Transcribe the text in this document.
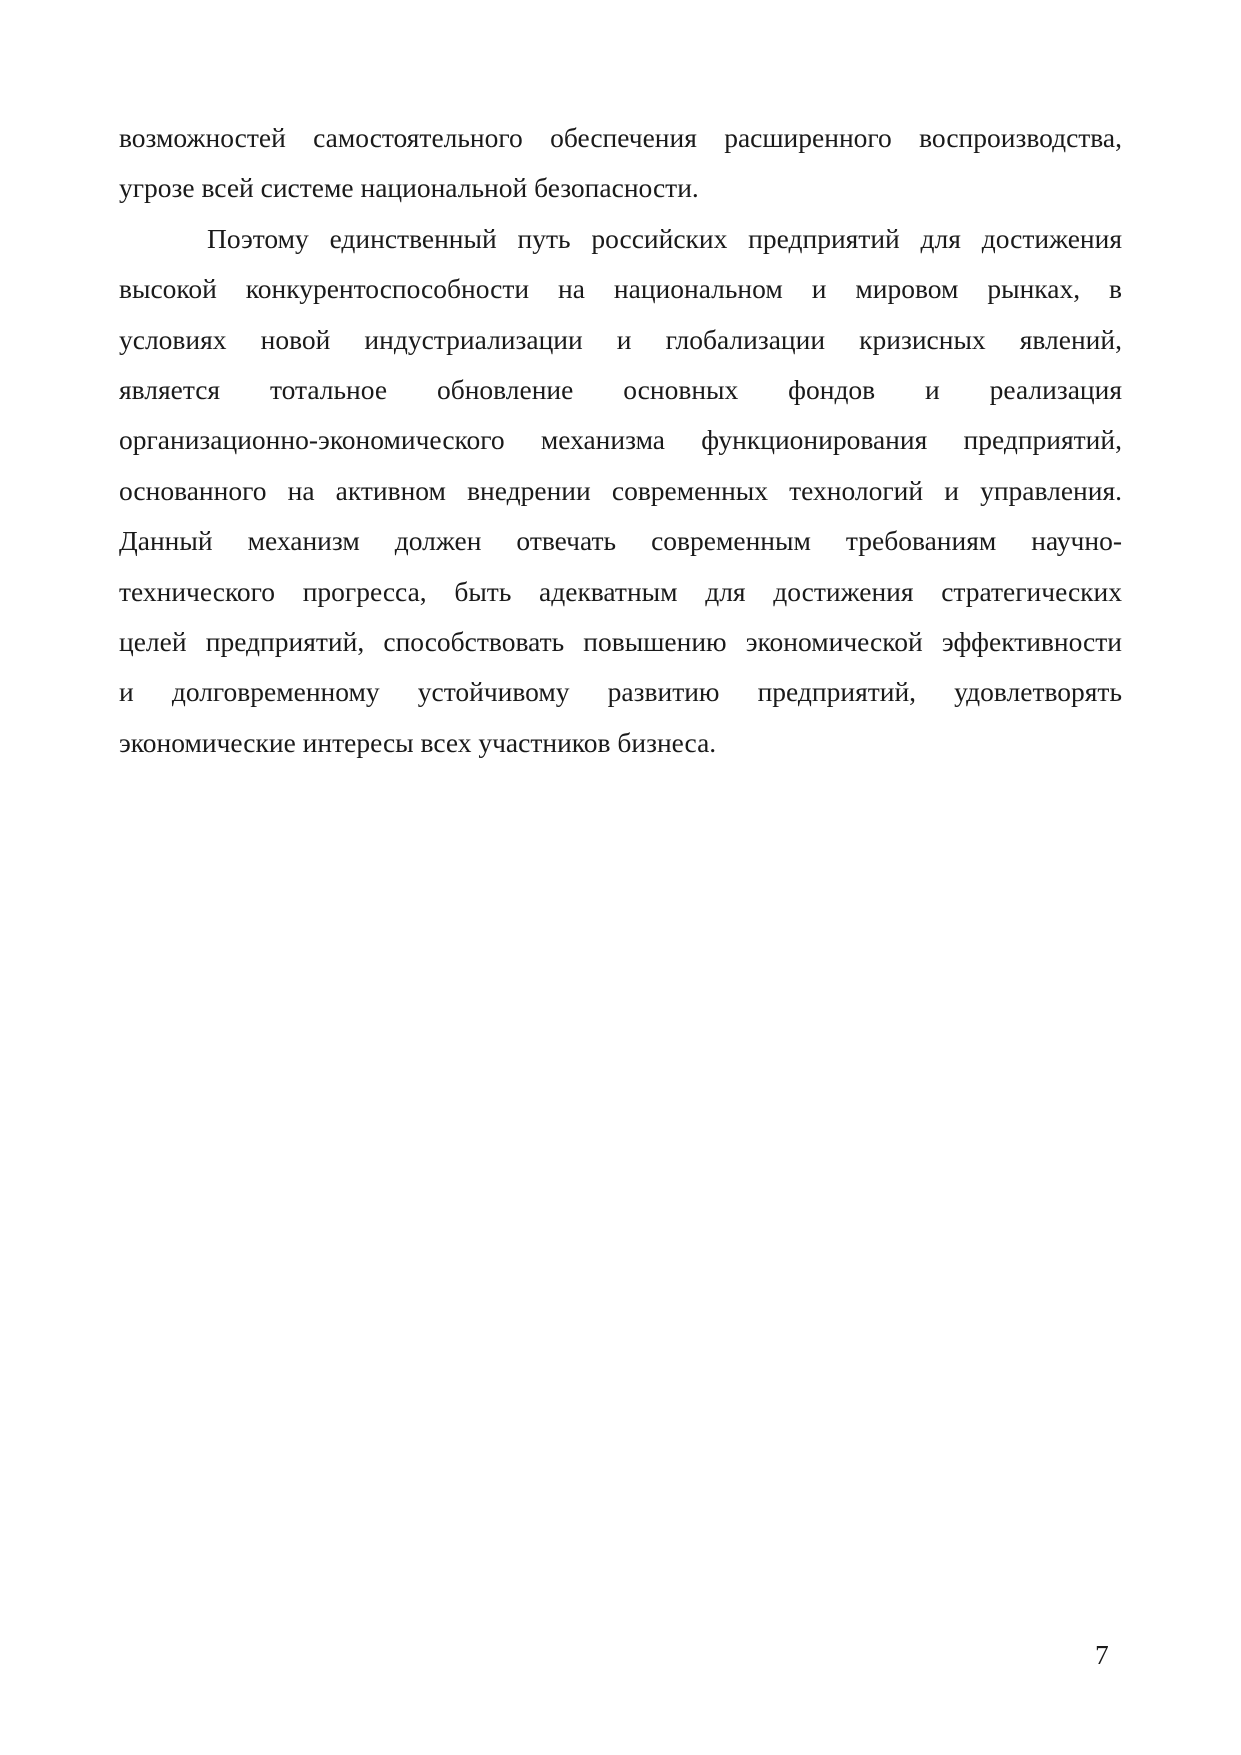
возможностей самостоятельного обеспечения расширенного воспроизводства,
угрозе всей системе национальной безопасности.
Поэтому единственный путь российских предприятий для достижения
высокой конкурентоспособности на национальном и мировом рынках, в
условиях новой индустриализации и глобализации кризисных явлений,
является тотальное обновление основных фондов и реализация
организационно-экономического механизма функционирования предприятий,
основанного на активном внедрении современных технологий и управления.
Данный механизм должен отвечать современным требованиям научно-
технического прогресса, быть адекватным для достижения стратегических
целей предприятий, способствовать повышению экономической эффективности
и долговременному устойчивому развитию предприятий, удовлетворять
экономические интересы всех участников бизнеса.
7
